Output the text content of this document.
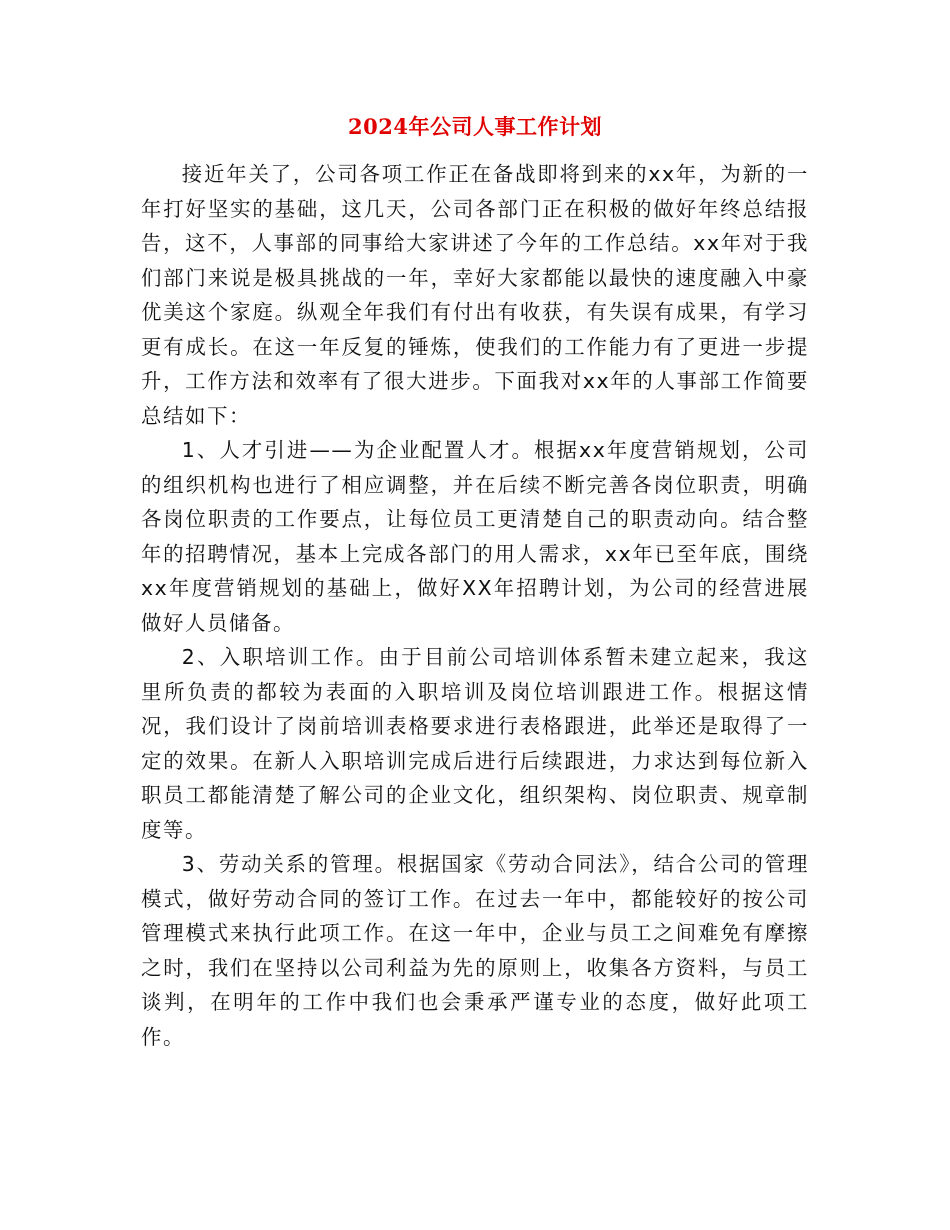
2024年公司人事工作计划

接近年关了，公司各项工作正在备战即将到来的xx年，为新的一年打好坚实的基础，这几天，公司各部门正在积极的做好年终总结报告，这不，人事部的同事给大家讲述了今年的工作总结。xx年对于我们部门来说是极具挑战的一年，幸好大家都能以最快的速度融入中豪优美这个家庭。纵观全年我们有付出有收获，有失误有成果，有学习更有成长。在这一年反复的锤炼，使我们的工作能力有了更进一步提升，工作方法和效率有了很大进步。下面我对xx年的人事部工作简要总结如下：

1、人才引进——为企业配置人才。根据xx年度营销规划，公司的组织机构也进行了相应调整，并在后续不断完善各岗位职责，明确各岗位职责的工作要点，让每位员工更清楚自己的职责动向。结合整年的招聘情况，基本上完成各部门的用人需求，xx年已至年底，围绕xx年度营销规划的基础上，做好XX年招聘计划，为公司的经营进展做好人员储备。

2、入职培训工作。由于目前公司培训体系暂未建立起来，我这里所负责的都较为表面的入职培训及岗位培训跟进工作。根据这情况，我们设计了岗前培训表格要求进行表格跟进，此举还是取得了一定的效果。在新人入职培训完成后进行后续跟进，力求达到每位新入职员工都能清楚了解公司的企业文化，组织架构、岗位职责、规章制度等。

3、劳动关系的管理。根据国家《劳动合同法》，结合公司的管理模式，做好劳动合同的签订工作。在过去一年中，都能较好的按公司管理模式来执行此项工作。在这一年中，企业与员工之间难免有摩擦之时，我们在坚持以公司利益为先的原则上，收集各方资料，与员工谈判，在明年的工作中我们也会秉承严谨专业的态度，做好此项工作。
